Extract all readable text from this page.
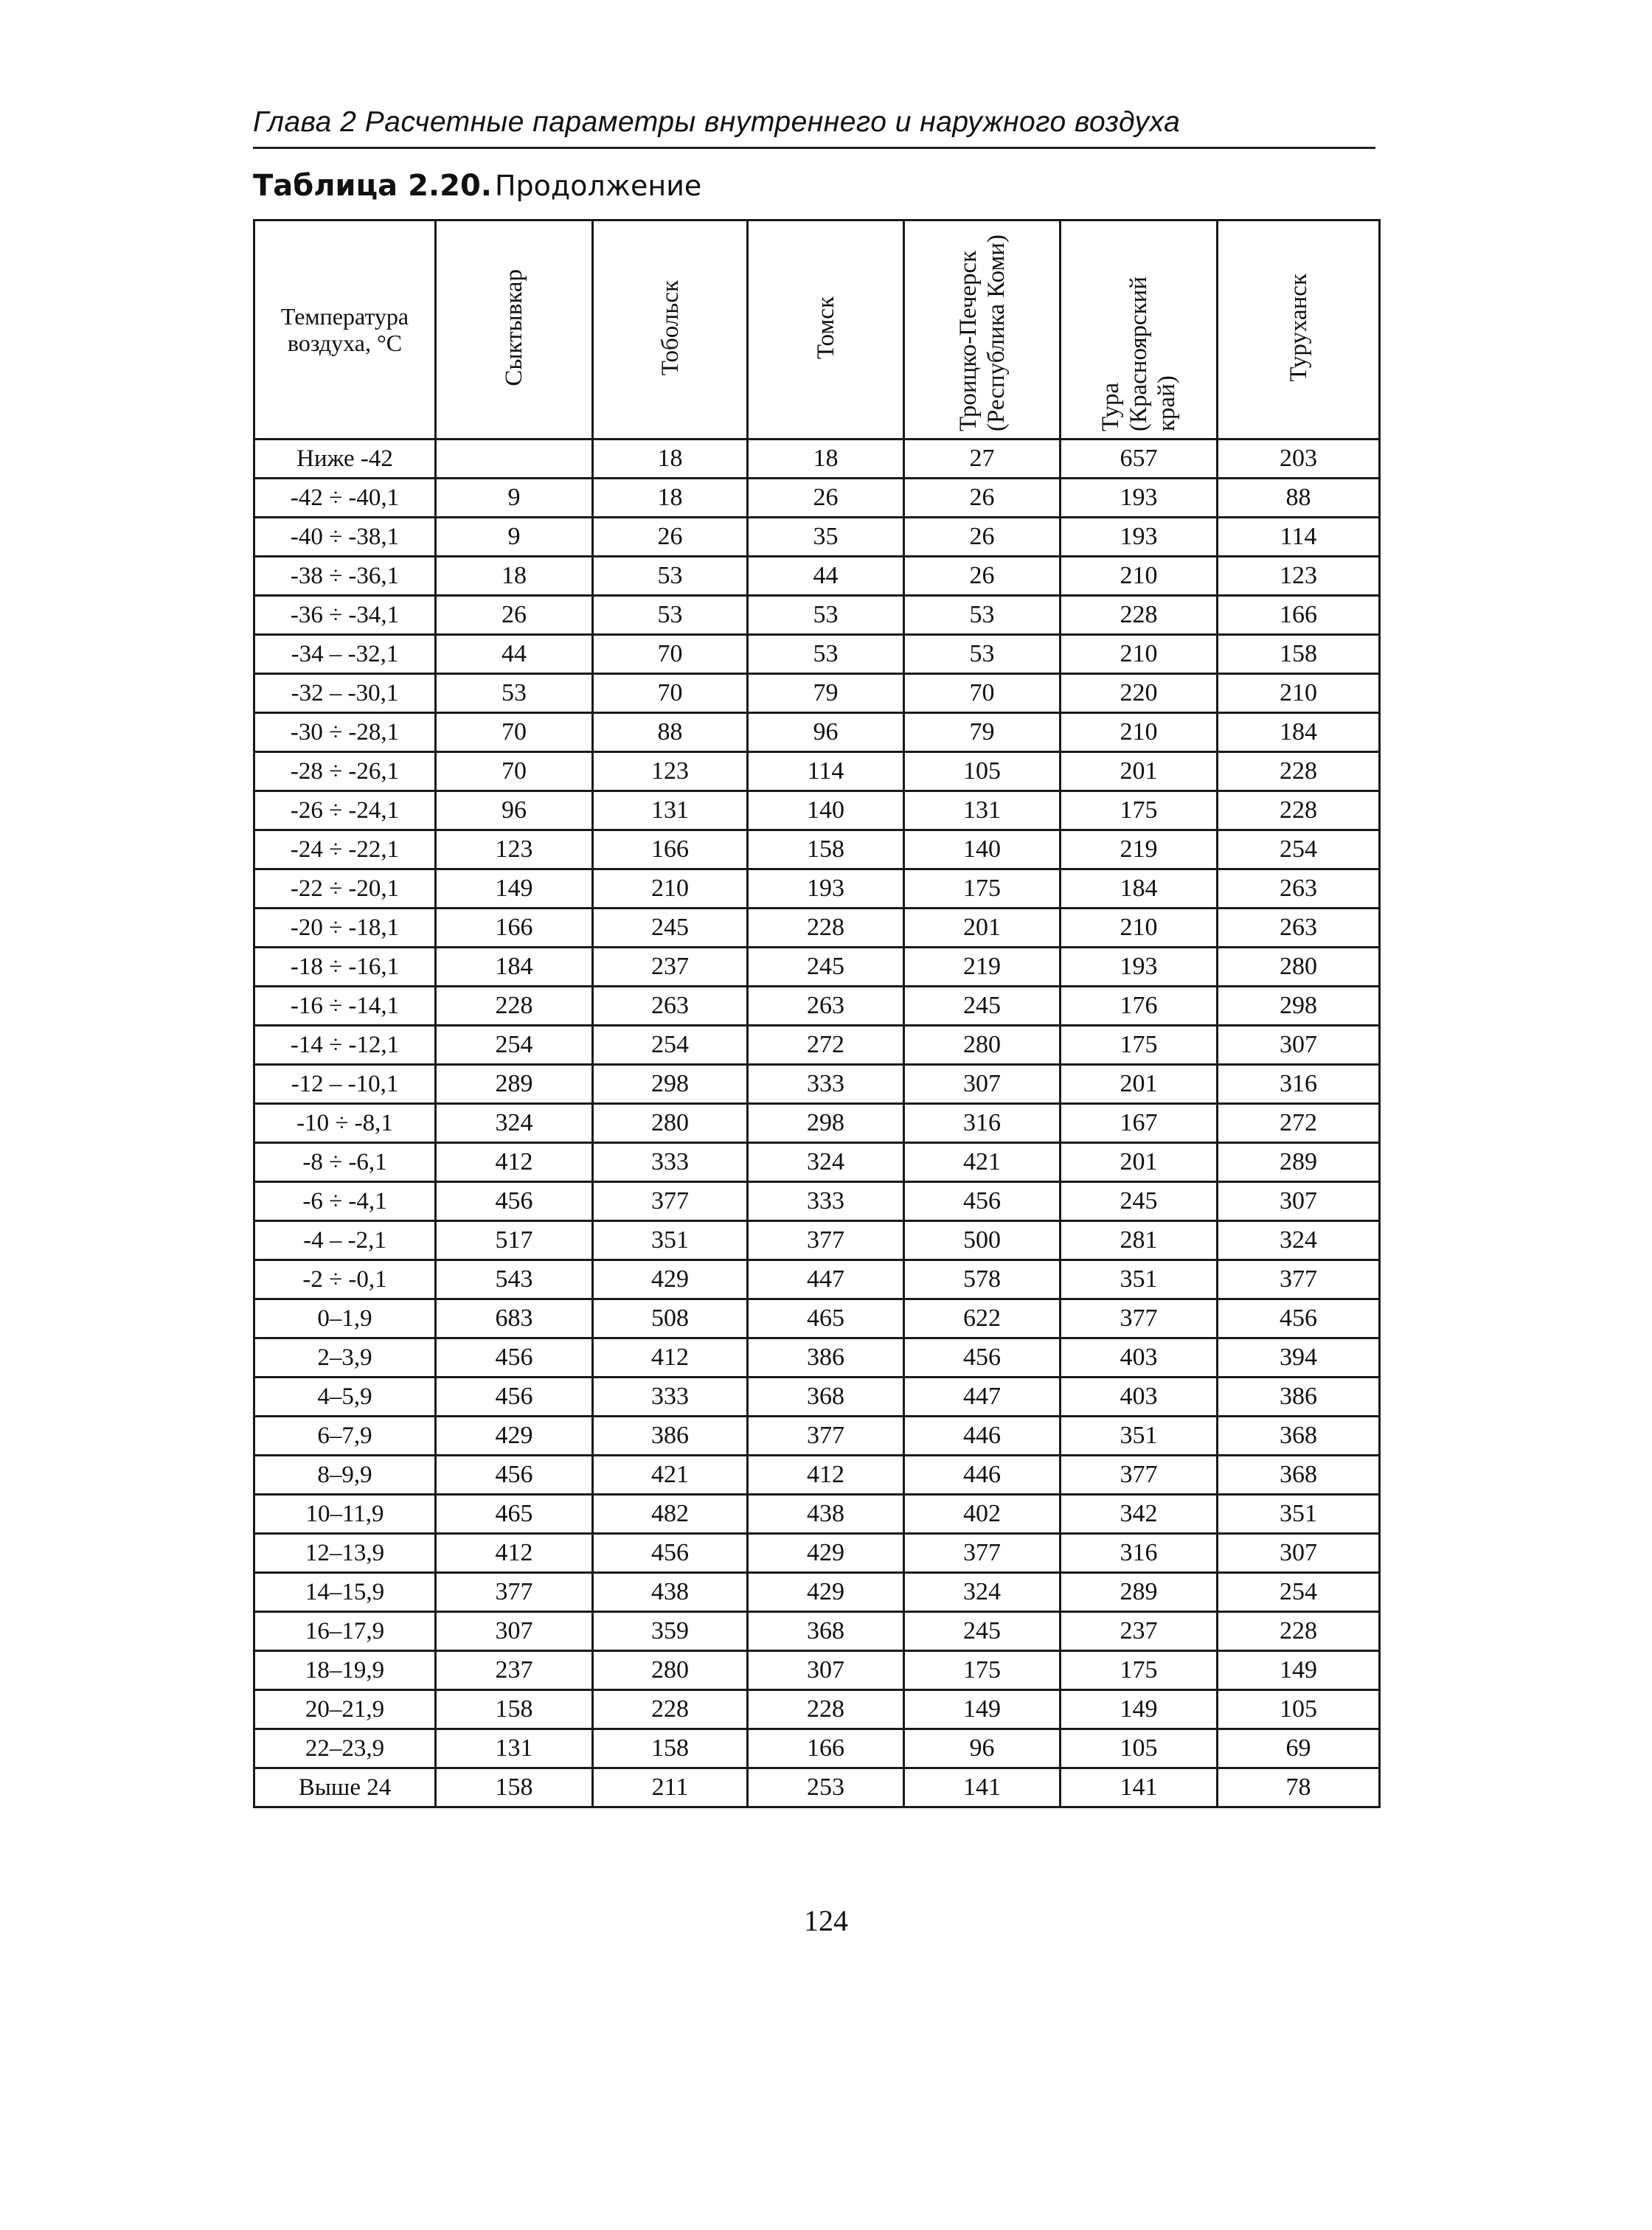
Глава 2 Расчетные параметры внутреннего и наружного воздуха
Таблица 2.20. Продолжение
Температура воздуха, °С	Сыктывкар	Тобольск	Томск	Троицко-Печерск (Республика Коми)	Тура (Красноярский край)	Туруханск
Ниже -42		18	18	27	657	203
-42 ÷ -40,1	9	18	26	26	193	88
-40 ÷ -38,1	9	26	35	26	193	114
-38 ÷ -36,1	18	53	44	26	210	123
-36 ÷ -34,1	26	53	53	53	228	166
-34 – -32,1	44	70	53	53	210	158
-32 – -30,1	53	70	79	70	220	210
-30 ÷ -28,1	70	88	96	79	210	184
-28 ÷ -26,1	70	123	114	105	201	228
-26 ÷ -24,1	96	131	140	131	175	228
-24 ÷ -22,1	123	166	158	140	219	254
-22 ÷ -20,1	149	210	193	175	184	263
-20 ÷ -18,1	166	245	228	201	210	263
-18 ÷ -16,1	184	237	245	219	193	280
-16 ÷ -14,1	228	263	263	245	176	298
-14 ÷ -12,1	254	254	272	280	175	307
-12 – -10,1	289	298	333	307	201	316
-10 ÷ -8,1	324	280	298	316	167	272
-8 ÷ -6,1	412	333	324	421	201	289
-6 ÷ -4,1	456	377	333	456	245	307
-4 – -2,1	517	351	377	500	281	324
-2 ÷ -0,1	543	429	447	578	351	377
0–1,9	683	508	465	622	377	456
2–3,9	456	412	386	456	403	394
4–5,9	456	333	368	447	403	386
6–7,9	429	386	377	446	351	368
8–9,9	456	421	412	446	377	368
10–11,9	465	482	438	402	342	351
12–13,9	412	456	429	377	316	307
14–15,9	377	438	429	324	289	254
16–17,9	307	359	368	245	237	228
18–19,9	237	280	307	175	175	149
20–21,9	158	228	228	149	149	105
22–23,9	131	158	166	96	105	69
Выше 24	158	211	253	141	141	78
124
